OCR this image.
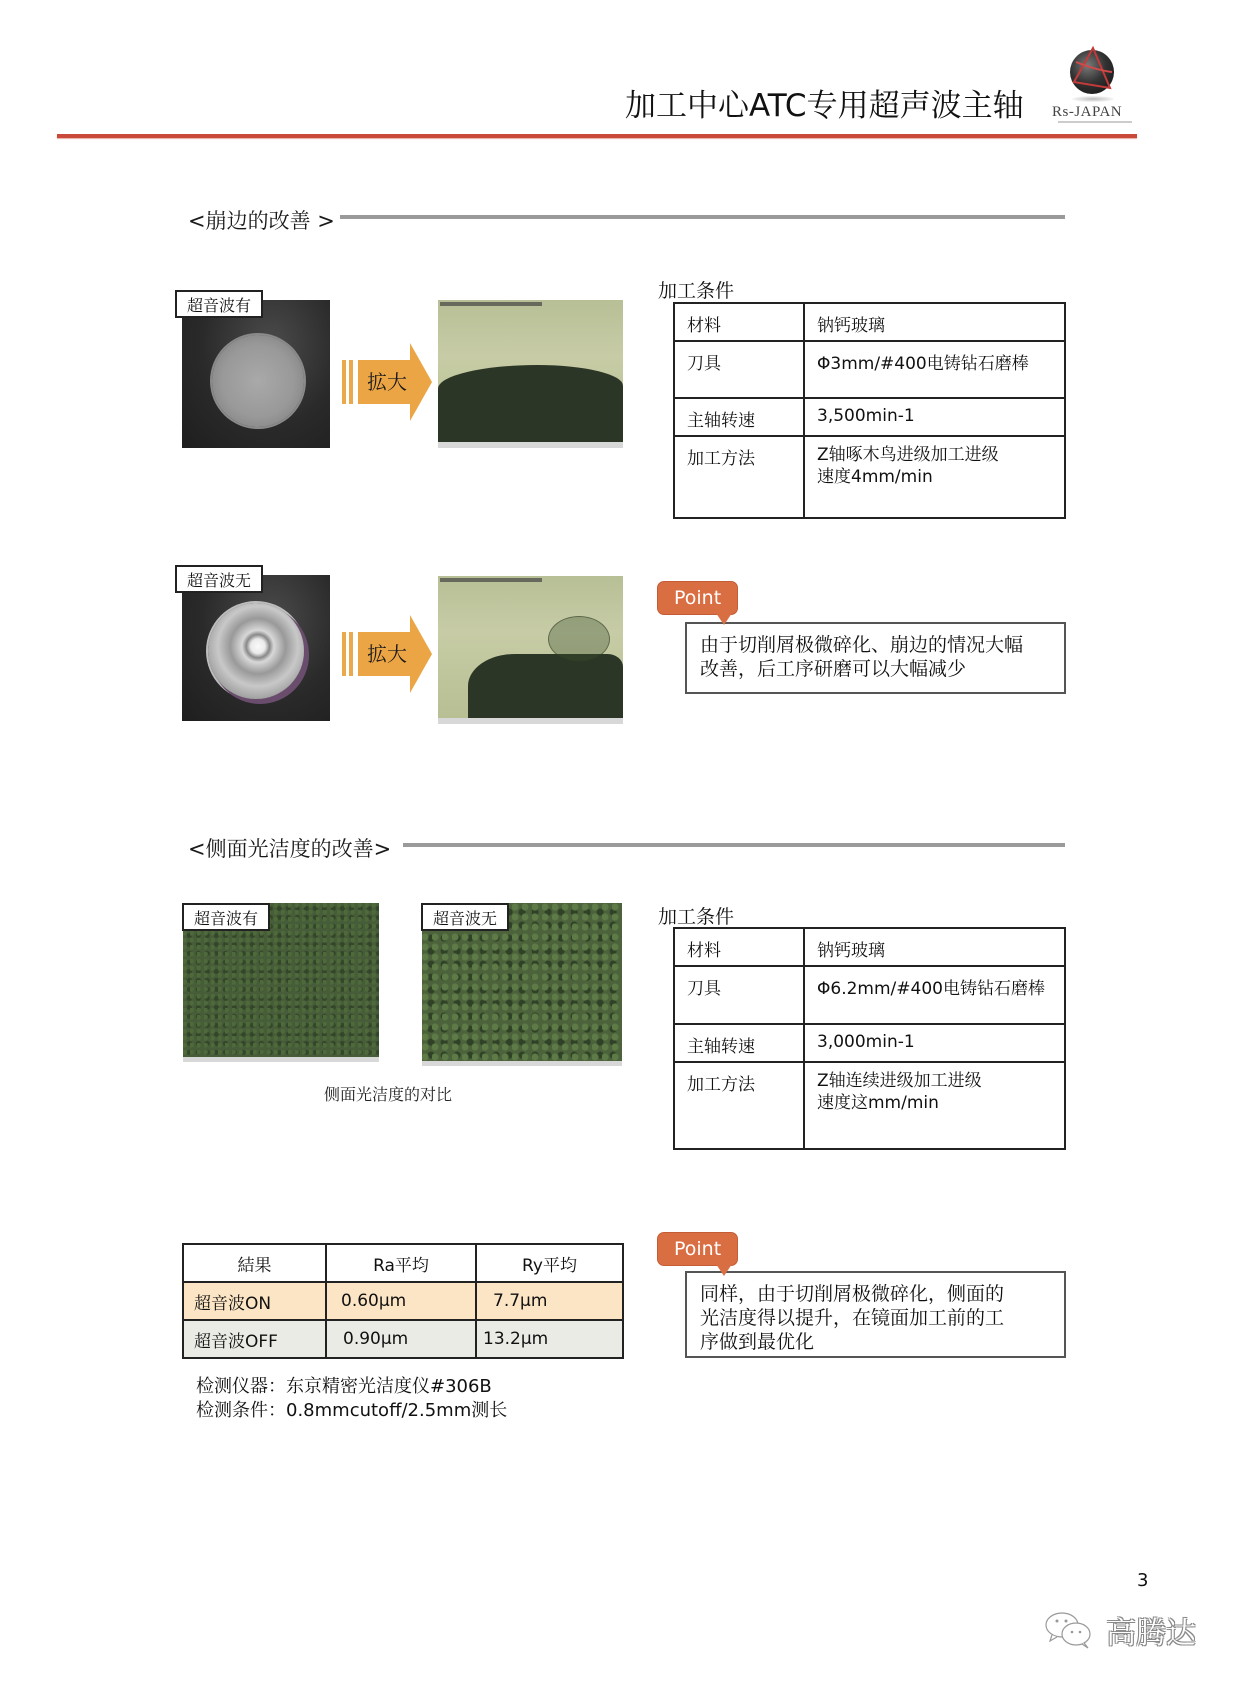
加工中心ATC专用超声波主轴 Rs-JAPAN
<崩边的改善 >
超音波有
拡大
超音波无
拡大
加工条件
材料	钠钙玻璃
刀具	Φ3mm/#400电铸钻石磨棒
主轴转速	3,500min-1
加工方法	Z轴啄木鸟进级加工进级
速度4mm/min
由于切削屑极微碎化、崩边的情况大幅
改善，后工序研磨可以大幅减少
Point
<侧面光洁度的改善>
超音波有	超音波无
侧面光洁度的对比
加工条件
材料	钠钙玻璃
刀具	Φ6.2mm/#400电铸钻石磨棒
主轴转速	3,000min-1
加工方法	Z轴连续进级加工进级
速度这mm/min
結果	Ra平均	Ry平均
超音波ON	0.60μm	7.7μm
超音波OFF	0.90μm	13.2μm
检测仪器：东京精密光洁度仪#306B
检测条件：0.8mmcutoff/2.5mm测长
同样，由于切削屑极微碎化，侧面的
光洁度得以提升，在镜面加工前的工
序做到最优化
Point
3
高腾达
